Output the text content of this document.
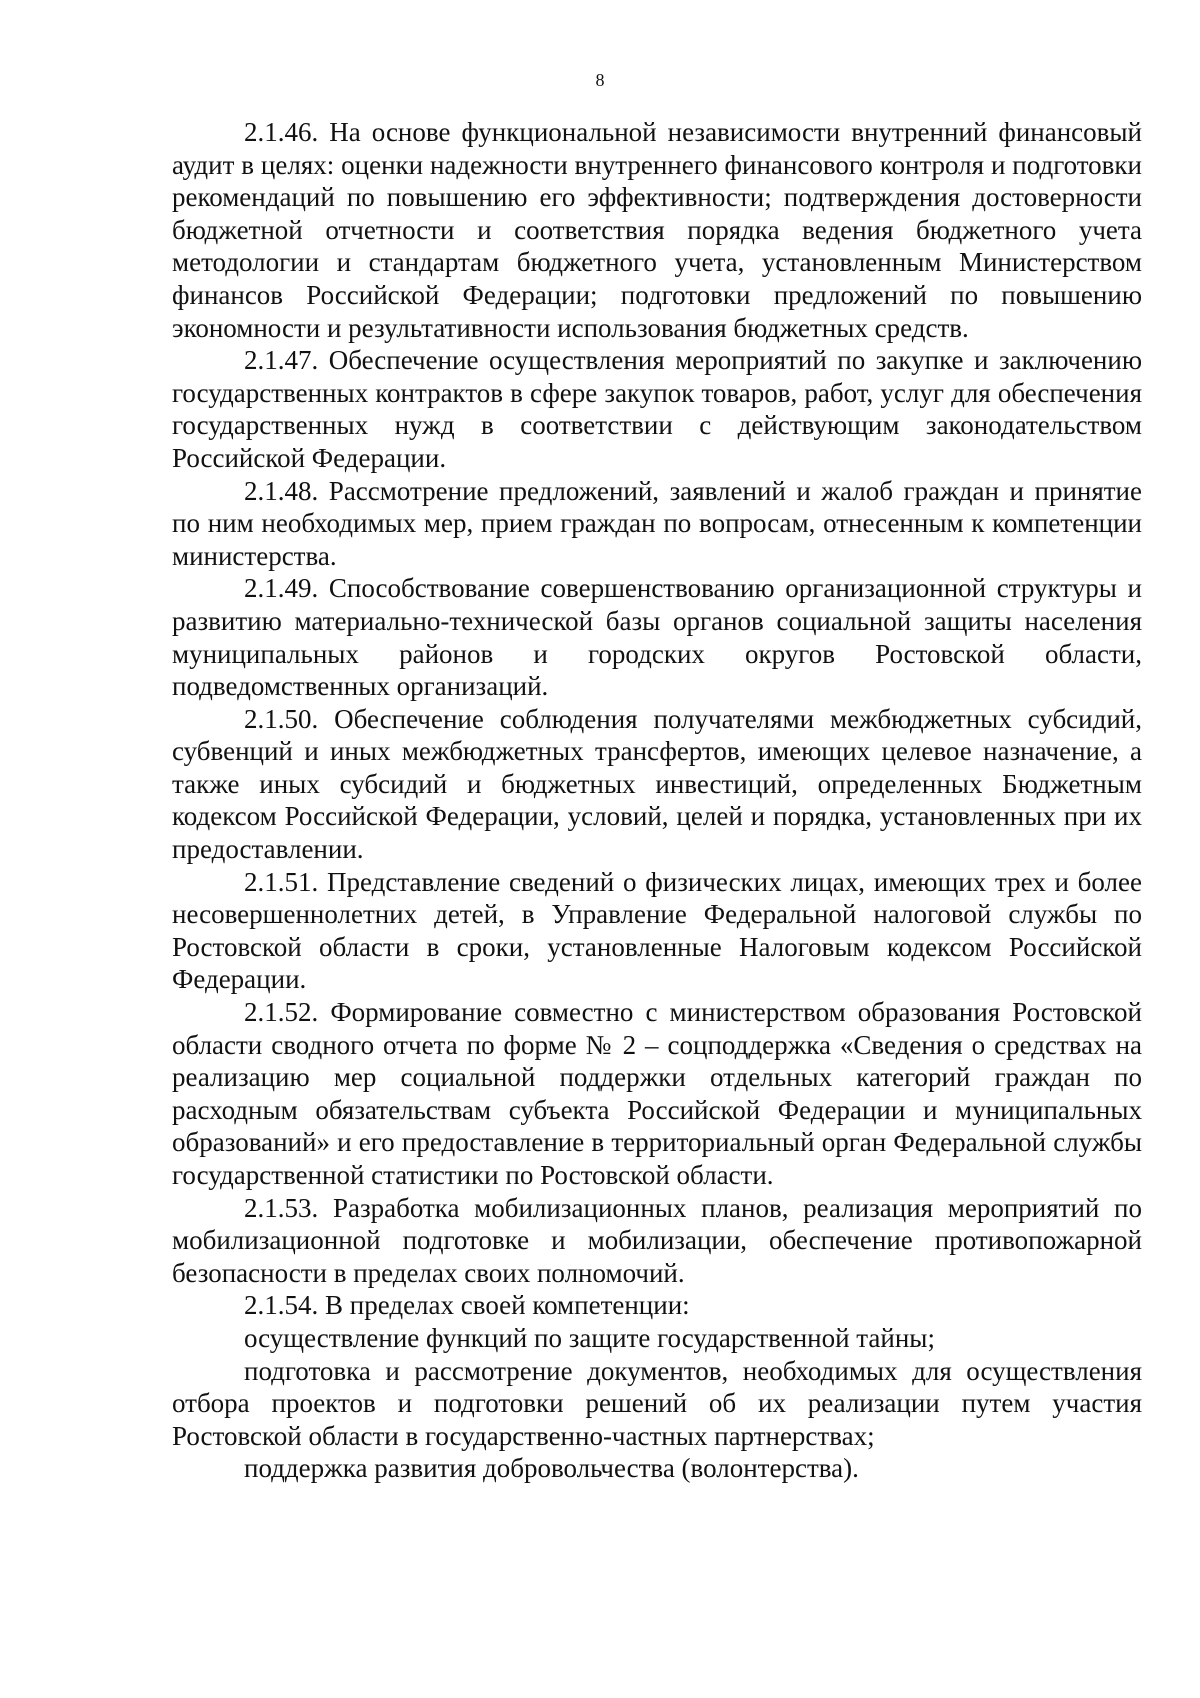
8

2.1.46. На основе функциональной независимости внутренний финансовый аудит в целях: оценки надежности внутреннего финансового контроля и подготовки рекомендаций по повышению его эффективности; подтверждения достоверности бюджетной отчетности и соответствия порядка ведения бюджетного учета методологии и стандартам бюджетного учета, установленным Министерством финансов Российской Федерации; подготовки предложений по повышению экономности и результативности использования бюджетных средств.

2.1.47. Обеспечение осуществления мероприятий по закупке и заключению государственных контрактов в сфере закупок товаров, работ, услуг для обеспечения государственных нужд в соответствии с действующим законодательством Российской Федерации.

2.1.48. Рассмотрение предложений, заявлений и жалоб граждан и принятие по ним необходимых мер, прием граждан по вопросам, отнесенным к компетенции министерства.

2.1.49. Способствование совершенствованию организационной структуры и развитию материально-технической базы органов социальной защиты населения муниципальных районов и городских округов Ростовской области, подведомственных организаций.

2.1.50. Обеспечение соблюдения получателями межбюджетных субсидий, субвенций и иных межбюджетных трансфертов, имеющих целевое назначение, а также иных субсидий и бюджетных инвестиций, определенных Бюджетным кодексом Российской Федерации, условий, целей и порядка, установленных при их предоставлении.

2.1.51. Представление сведений о физических лицах, имеющих трех и более несовершеннолетних детей, в Управление Федеральной налоговой службы по Ростовской области в сроки, установленные Налоговым кодексом Российской Федерации.

2.1.52. Формирование совместно с министерством образования Ростовской области сводного отчета по форме № 2 – соцподдержка «Сведения о средствах на реализацию мер социальной поддержки отдельных категорий граждан по расходным обязательствам субъекта Российской Федерации и муниципальных образований» и его предоставление в территориальный орган Федеральной службы государственной статистики по Ростовской области.

2.1.53. Разработка мобилизационных планов, реализация мероприятий по мобилизационной подготовке и мобилизации, обеспечение противопожарной безопасности в пределах своих полномочий.

2.1.54. В пределах своей компетенции:

осуществление функций по защите государственной тайны;

подготовка и рассмотрение документов, необходимых для осуществления отбора проектов и подготовки решений об их реализации путем участия Ростовской области в государственно-частных партнерствах;

поддержка развития добровольчества (волонтерства).
